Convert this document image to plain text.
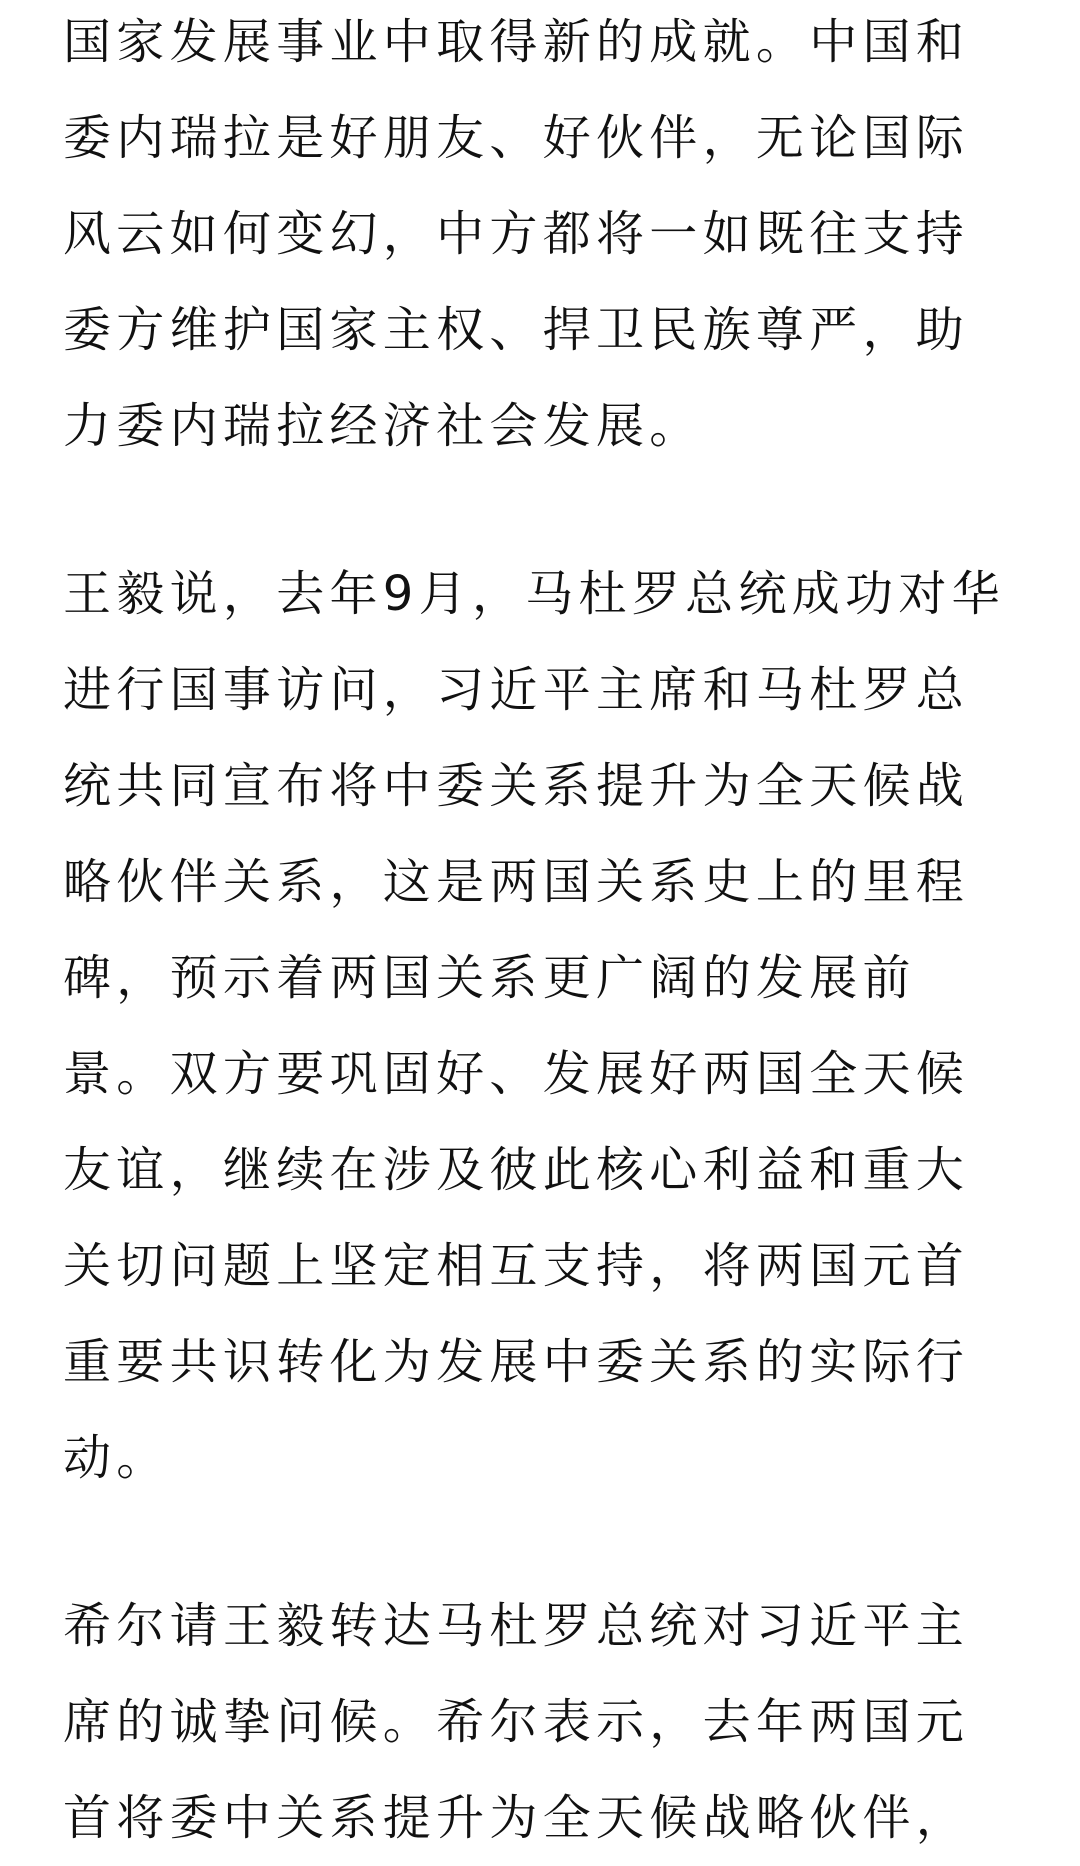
国家发展事业中取得新的成就。中国和
委内瑞拉是好朋友、好伙伴，无论国际
风云如何变幻，中方都将一如既往支持
委方维护国家主权、捍卫民族尊严，助
力委内瑞拉经济社会发展。
王毅说，去年9月，马杜罗总统成功对华
进行国事访问，习近平主席和马杜罗总
统共同宣布将中委关系提升为全天候战
略伙伴关系，这是两国关系史上的里程
碑，预示着两国关系更广阔的发展前
景。双方要巩固好、发展好两国全天候
友谊，继续在涉及彼此核心利益和重大
关切问题上坚定相互支持，将两国元首
重要共识转化为发展中委关系的实际行
动。
希尔请王毅转达马杜罗总统对习近平主
席的诚挚问候。希尔表示，去年两国元
首将委中关系提升为全天候战略伙伴，
